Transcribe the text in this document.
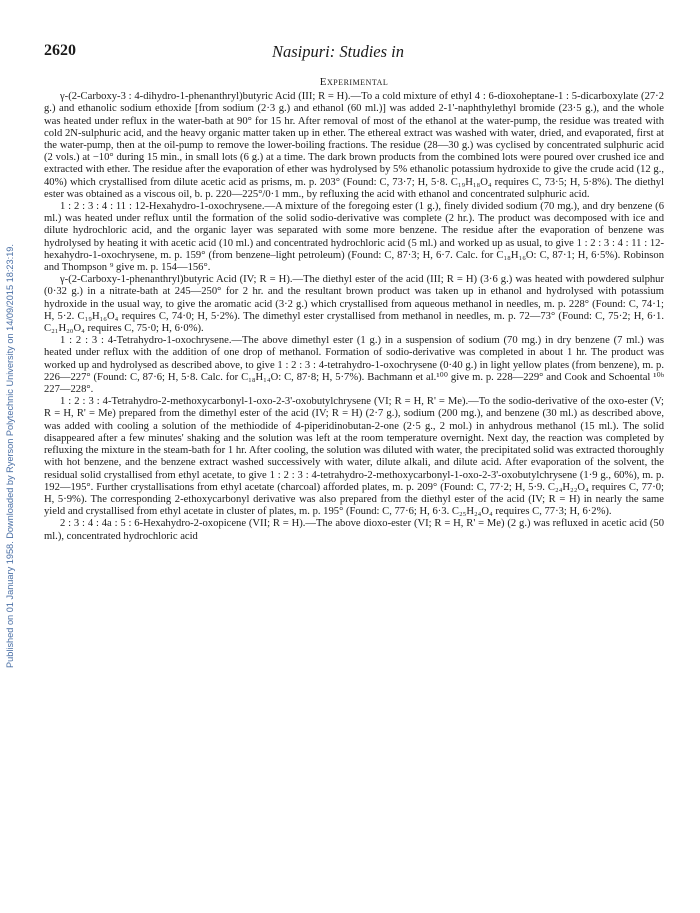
Published on 01 January 1958. Downloaded by Ryerson Polytechnic University on 14/09/2015 18:23:19.
2620	Nasipuri: Studies in
Experimental

γ-(2-Carboxy-3 : 4-dihydro-1-phenanthryl)butyric Acid (III; R = H).—To a cold mixture of ethyl 4 : 6-dioxoheptane-1 : 5-dicarboxylate (27·2 g.) and ethanolic sodium ethoxide [from sodium (2·3 g.) and ethanol (60 ml.)] was added 2-1'-naphthylethyl bromide (23·5 g.), and the whole was heated under reflux in the water-bath at 90° for 15 hr. After removal of most of the ethanol at the water-pump, the residue was treated with cold 2N-sulphuric acid, and the heavy organic matter taken up in ether. The ethereal extract was washed with water, dried, and evaporated, first at the water-pump, then at the oil-pump to remove the lower-boiling fractions. The residue (28—30 g.) was cyclised by concentrated sulphuric acid (2 vols.) at −10° during 15 min., in small lots (6 g.) at a time. The dark brown products from the combined lots were poured over crushed ice and extracted with ether. The residue after the evaporation of ether was hydrolysed by 5% ethanolic potassium hydroxide to give the crude acid (12 g., 40%) which crystallised from dilute acetic acid as prisms, m. p. 203° (Found: C, 73·7; H, 5·8. C₁₉H₁₈O₄ requires C, 73·5; H, 5·8%). The diethyl ester was obtained as a viscous oil, b. p. 220—225°/0·1 mm., by refluxing the acid with ethanol and concentrated sulphuric acid.

1 : 2 : 3 : 4 : 11 : 12-Hexahydro-1-oxochrysene.—A mixture of the foregoing ester (1 g.), finely divided sodium (70 mg.), and dry benzene (6 ml.) was heated under reflux until the formation of the solid sodio-derivative was complete (2 hr.). The product was decomposed with ice and dilute hydrochloric acid, and the organic layer was separated with some more benzene. The residue after the evaporation of benzene was hydrolysed by heating it with acetic acid (10 ml.) and concentrated hydrochloric acid (5 ml.) and worked up as usual, to give 1 : 2 : 3 : 4 : 11 : 12-hexahydro-1-oxochrysene, m. p. 159° (from benzene–light petroleum) (Found: C, 87·3; H, 6·7. Calc. for C₁₈H₁₆O: C, 87·1; H, 6·5%). Robinson and Thompson ⁹ give m. p. 154—156°.

γ-(2-Carboxy-1-phenanthryl)butyric Acid (IV; R = H).—The diethyl ester of the acid (III; R = H) (3·6 g.) was heated with powdered sulphur (0·32 g.) in a nitrate-bath at 245—250° for 2 hr. and the resultant brown product was taken up in ethanol and hydrolysed with potassium hydroxide in the usual way, to give the aromatic acid (3·2 g.) which crystallised from aqueous methanol in needles, m. p. 228° (Found: C, 74·1; H, 5·2. C₁₉H₁₆O₄ requires C, 74·0; H, 5·2%). The dimethyl ester crystallised from methanol in needles, m. p. 72—73° (Found: C, 75·2; H, 6·1. C₂₁H₂₀O₄ requires C, 75·0; H, 6·0%).

1 : 2 : 3 : 4-Tetrahydro-1-oxochrysene.—The above dimethyl ester (1 g.) in a suspension of sodium (70 mg.) in dry benzene (7 ml.) was heated under reflux with the addition of one drop of methanol. Formation of sodio-derivative was completed in about 1 hr. The product was worked up and hydrolysed as described above, to give 1 : 2 : 3 : 4-tetrahydro-1-oxochrysene (0·40 g.) in light yellow plates (from benzene), m. p. 226—227° (Found: C, 87·6; H, 5·8. Calc. for C₁₈H₁₄O: C, 87·8; H, 5·7%). Bachmann et al.¹⁰⁰ give m. p. 228—229° and Cook and Schoental ¹⁰ᵇ 227—228°.

1 : 2 : 3 : 4-Tetrahydro-2-methoxycarbonyl-1-oxo-2-3'-oxobutylchrysene (VI; R = H, R' = Me).—To the sodio-derivative of the oxo-ester (V; R = H, R' = Me) prepared from the dimethyl ester of the acid (IV; R = H) (2·7 g.), sodium (200 mg.), and benzene (30 ml.) as described above, was added with cooling a solution of the methiodide of 4-piperidinobutan-2-one (2·5 g., 2 mol.) in anhydrous methanol (15 ml.). The solid disappeared after a few minutes' shaking and the solution was left at the room temperature overnight. Next day, the reaction was completed by refluxing the mixture in the steam-bath for 1 hr. After cooling, the solution was diluted with water, the precipitated solid was extracted thoroughly with hot benzene, and the benzene extract washed successively with water, dilute alkali, and dilute acid. After evaporation of the solvent, the residual solid crystallised from ethyl acetate, to give 1 : 2 : 3 : 4-tetrahydro-2-methoxycarbonyl-1-oxo-2-3'-oxobutylchrysene (1·9 g., 60%), m. p. 192—195°. Further crystallisations from ethyl acetate (charcoal) afforded plates, m. p. 209° (Found: C, 77·2; H, 5·9. C₂₄H₂₂O₄ requires C, 77·0; H, 5·9%). The corresponding 2-ethoxycarbonyl derivative was also prepared from the diethyl ester of the acid (IV; R = H) in nearly the same yield and crystallised from ethyl acetate in cluster of plates, m. p. 195° (Found: C, 77·6; H, 6·3. C₂₅H₂₄O₄ requires C, 77·3; H, 6·2%).

2 : 3 : 4 : 4a : 5 : 6-Hexahydro-2-oxopicene (VII; R = H).—The above dioxo-ester (VI; R = H, R' = Me) (2 g.) was refluxed in acetic acid (50 ml.), concentrated hydrochloric acid
